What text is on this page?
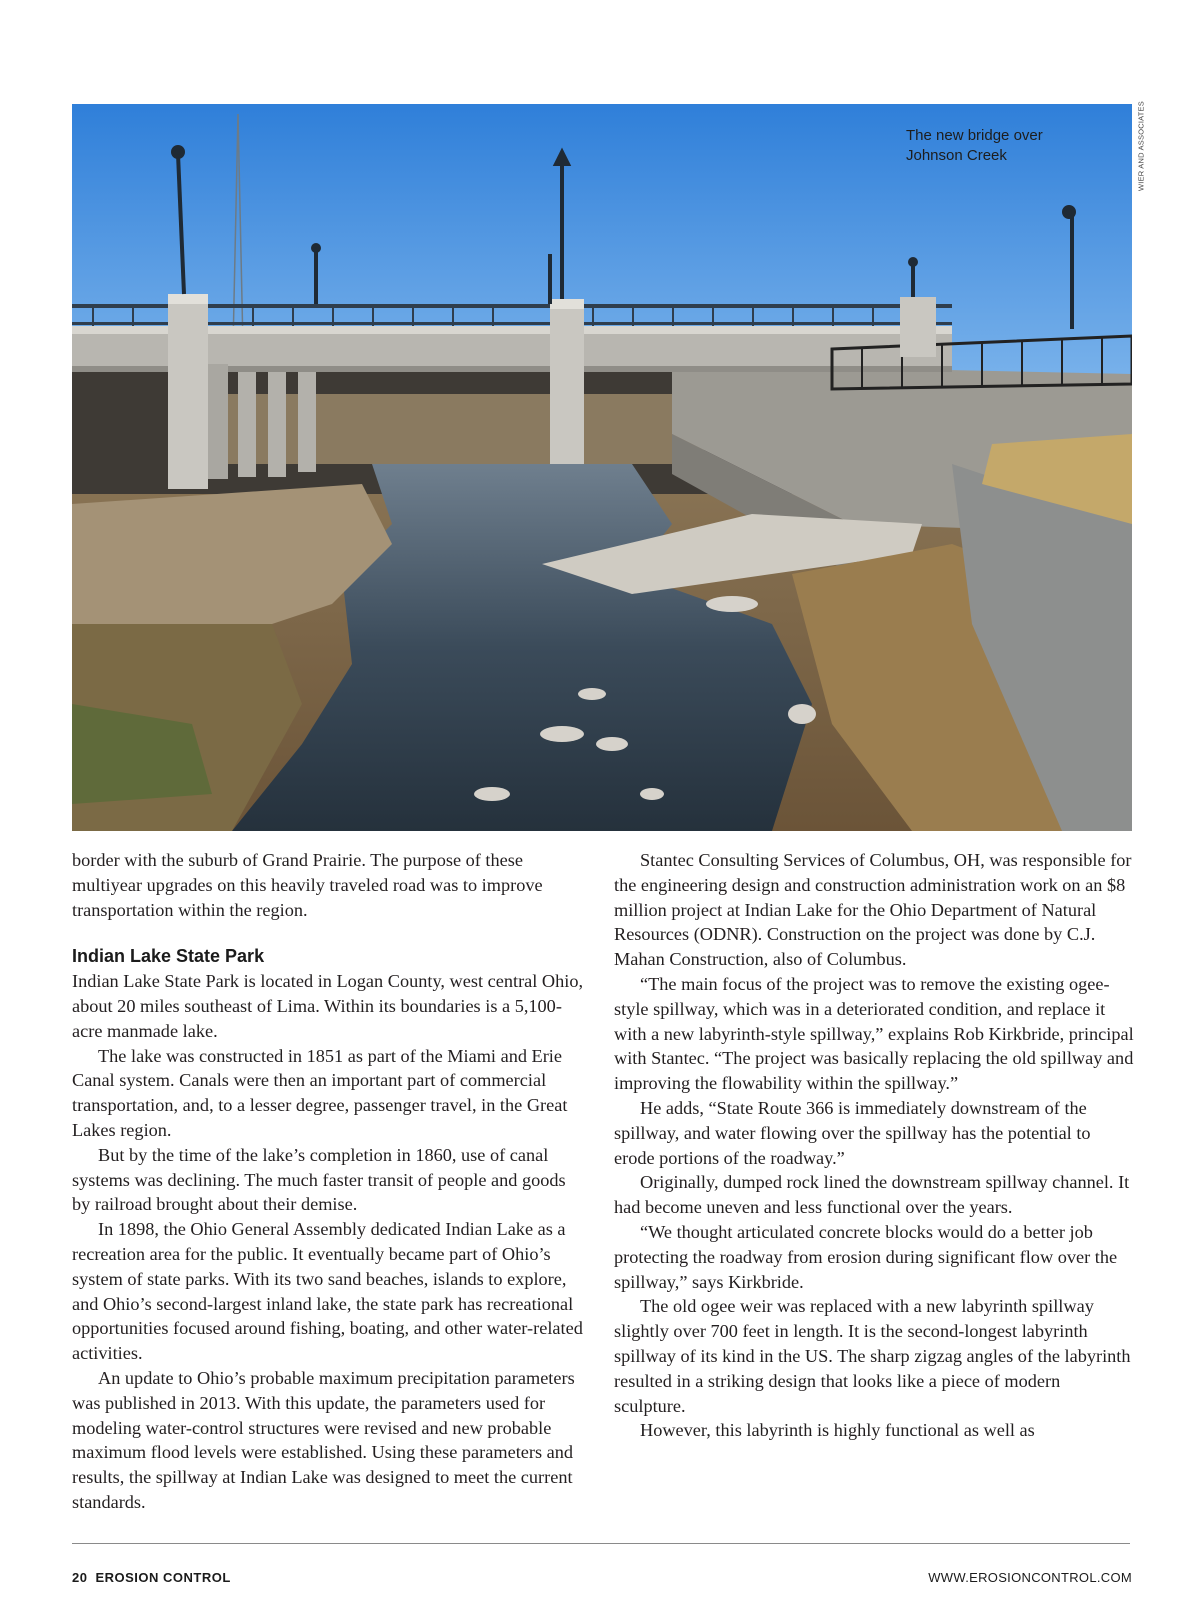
The new bridge over
Johnson Creek	WIER AND ASSOCIATES

border with the suburb of Grand Prairie. The purpose of these multiyear upgrades on this heavily traveled road was to improve transportation within the region.

Indian Lake State Park

Indian Lake State Park is located in Logan County, west central Ohio, about 20 miles southeast of Lima. Within its boundaries is a 5,100-acre manmade lake.

The lake was constructed in 1851 as part of the Miami and Erie Canal system. Canals were then an important part of commercial transportation, and, to a lesser degree, passenger travel, in the Great Lakes region.

But by the time of the lake’s completion in 1860, use of canal systems was declining. The much faster transit of people and goods by railroad brought about their demise.

In 1898, the Ohio General Assembly dedicated Indian Lake as a recreation area for the public. It eventually became part of Ohio’s system of state parks. With its two sand beaches, islands to explore, and Ohio’s second-largest inland lake, the state park has recreational opportunities focused around fishing, boating, and other water-related activities.

An update to Ohio’s probable maximum precipitation parameters was published in 2013. With this update, the parameters used for modeling water-control structures were revised and new probable maximum flood levels were established. Using these parameters and results, the spillway at Indian Lake was designed to meet the current standards.

Stantec Consulting Services of Columbus, OH, was responsible for the engineering design and construction administration work on an $8 million project at Indian Lake for the Ohio Department of Natural Resources (ODNR). Construction on the project was done by C.J. Mahan Construction, also of Columbus.

“The main focus of the project was to remove the existing ogee-style spillway, which was in a deteriorated condition, and replace it with a new labyrinth-style spillway,” explains Rob Kirkbride, principal with Stantec. “The project was basically replacing the old spillway and improving the flowability within the spillway.”

He adds, “State Route 366 is immediately downstream of the spillway, and water flowing over the spillway has the potential to erode portions of the roadway.”

Originally, dumped rock lined the downstream spillway channel. It had become uneven and less functional over the years.

“We thought articulated concrete blocks would do a better job protecting the roadway from erosion during significant flow over the spillway,” says Kirkbride.

The old ogee weir was replaced with a new labyrinth spillway slightly over 700 feet in length. It is the second-longest labyrinth spillway of its kind in the US. The sharp zigzag angles of the labyrinth resulted in a striking design that looks like a piece of modern sculpture.

However, this labyrinth is highly functional as well as

20 EROSION CONTROL	WWW.EROSIONCONTROL.COM
